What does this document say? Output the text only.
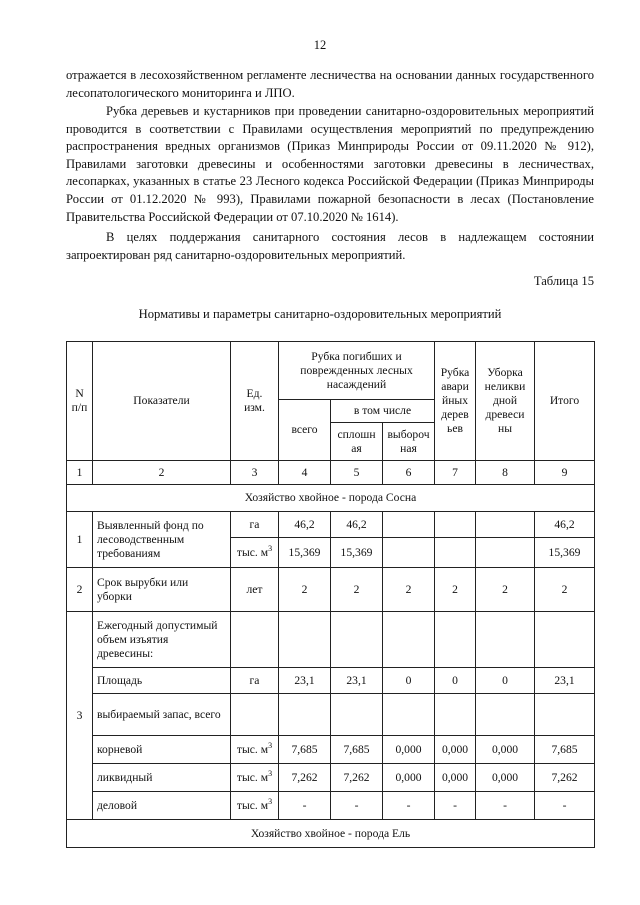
12

отражается в лесохозяйственном регламенте лесничества на основании данных государственного лесопатологического мониторинга и ЛПО.

Рубка деревьев и кустарников при проведении санитарно-оздоровительных мероприятий проводится в соответствии с Правилами осуществления мероприятий по предупреждению распространения вредных организмов (Приказ Минприроды России от 09.11.2020 № 912), Правилами заготовки древесины и особенностями заготовки древесины в лесничествах, лесопарках, указанных в статье 23 Лесного кодекса Российской Федерации (Приказ Минприроды России от 01.12.2020 № 993), Правилами пожарной безопасности в лесах (Постановление Правительства Российской Федерации от 07.10.2020 № 1614).

В целях поддержания санитарного состояния лесов в надлежащем состоянии запроектирован ряд санитарно-оздоровительных мероприятий.

Таблица 15
Нормативы и параметры санитарно-оздоровительных мероприятий
N п/п	Показатели	Ед. изм.	Рубка погибших и поврежденных лесных насаждений			Рубка авари йных дерев ьев	Уборка неликви дной древеси ны	Итого
			всего	в том числе				
				сплошн ая	выбороч ная			
1	2	3	4	5	6	7	8	9
Хозяйство хвойное - порода Сосна								
1	Выявленный фонд по лесоводственным требованиям	га	46,2	46,2				46,2
		тыс. $м^3$	15,369	15,369				15,369
2	Срок вырубки или уборки	лет	2	2	2	2	2	2
3	Ежегодный допустимый объем изъятия древесины:							
	Площадь	га	23,1	23,1	0	0	0	23,1
	выбираемый запас, всего							
	корневой	тыс. $м^3$	7,685	7,685	0,000	0,000	0,000	7,685
	ликвидный	тыс. $м^3$	7,262	7,262	0,000	0,000	0,000	7,262
	деловой	тыс. $м^3$	-	-	-	-	-	-
Хозяйство хвойное - порода Ель								
